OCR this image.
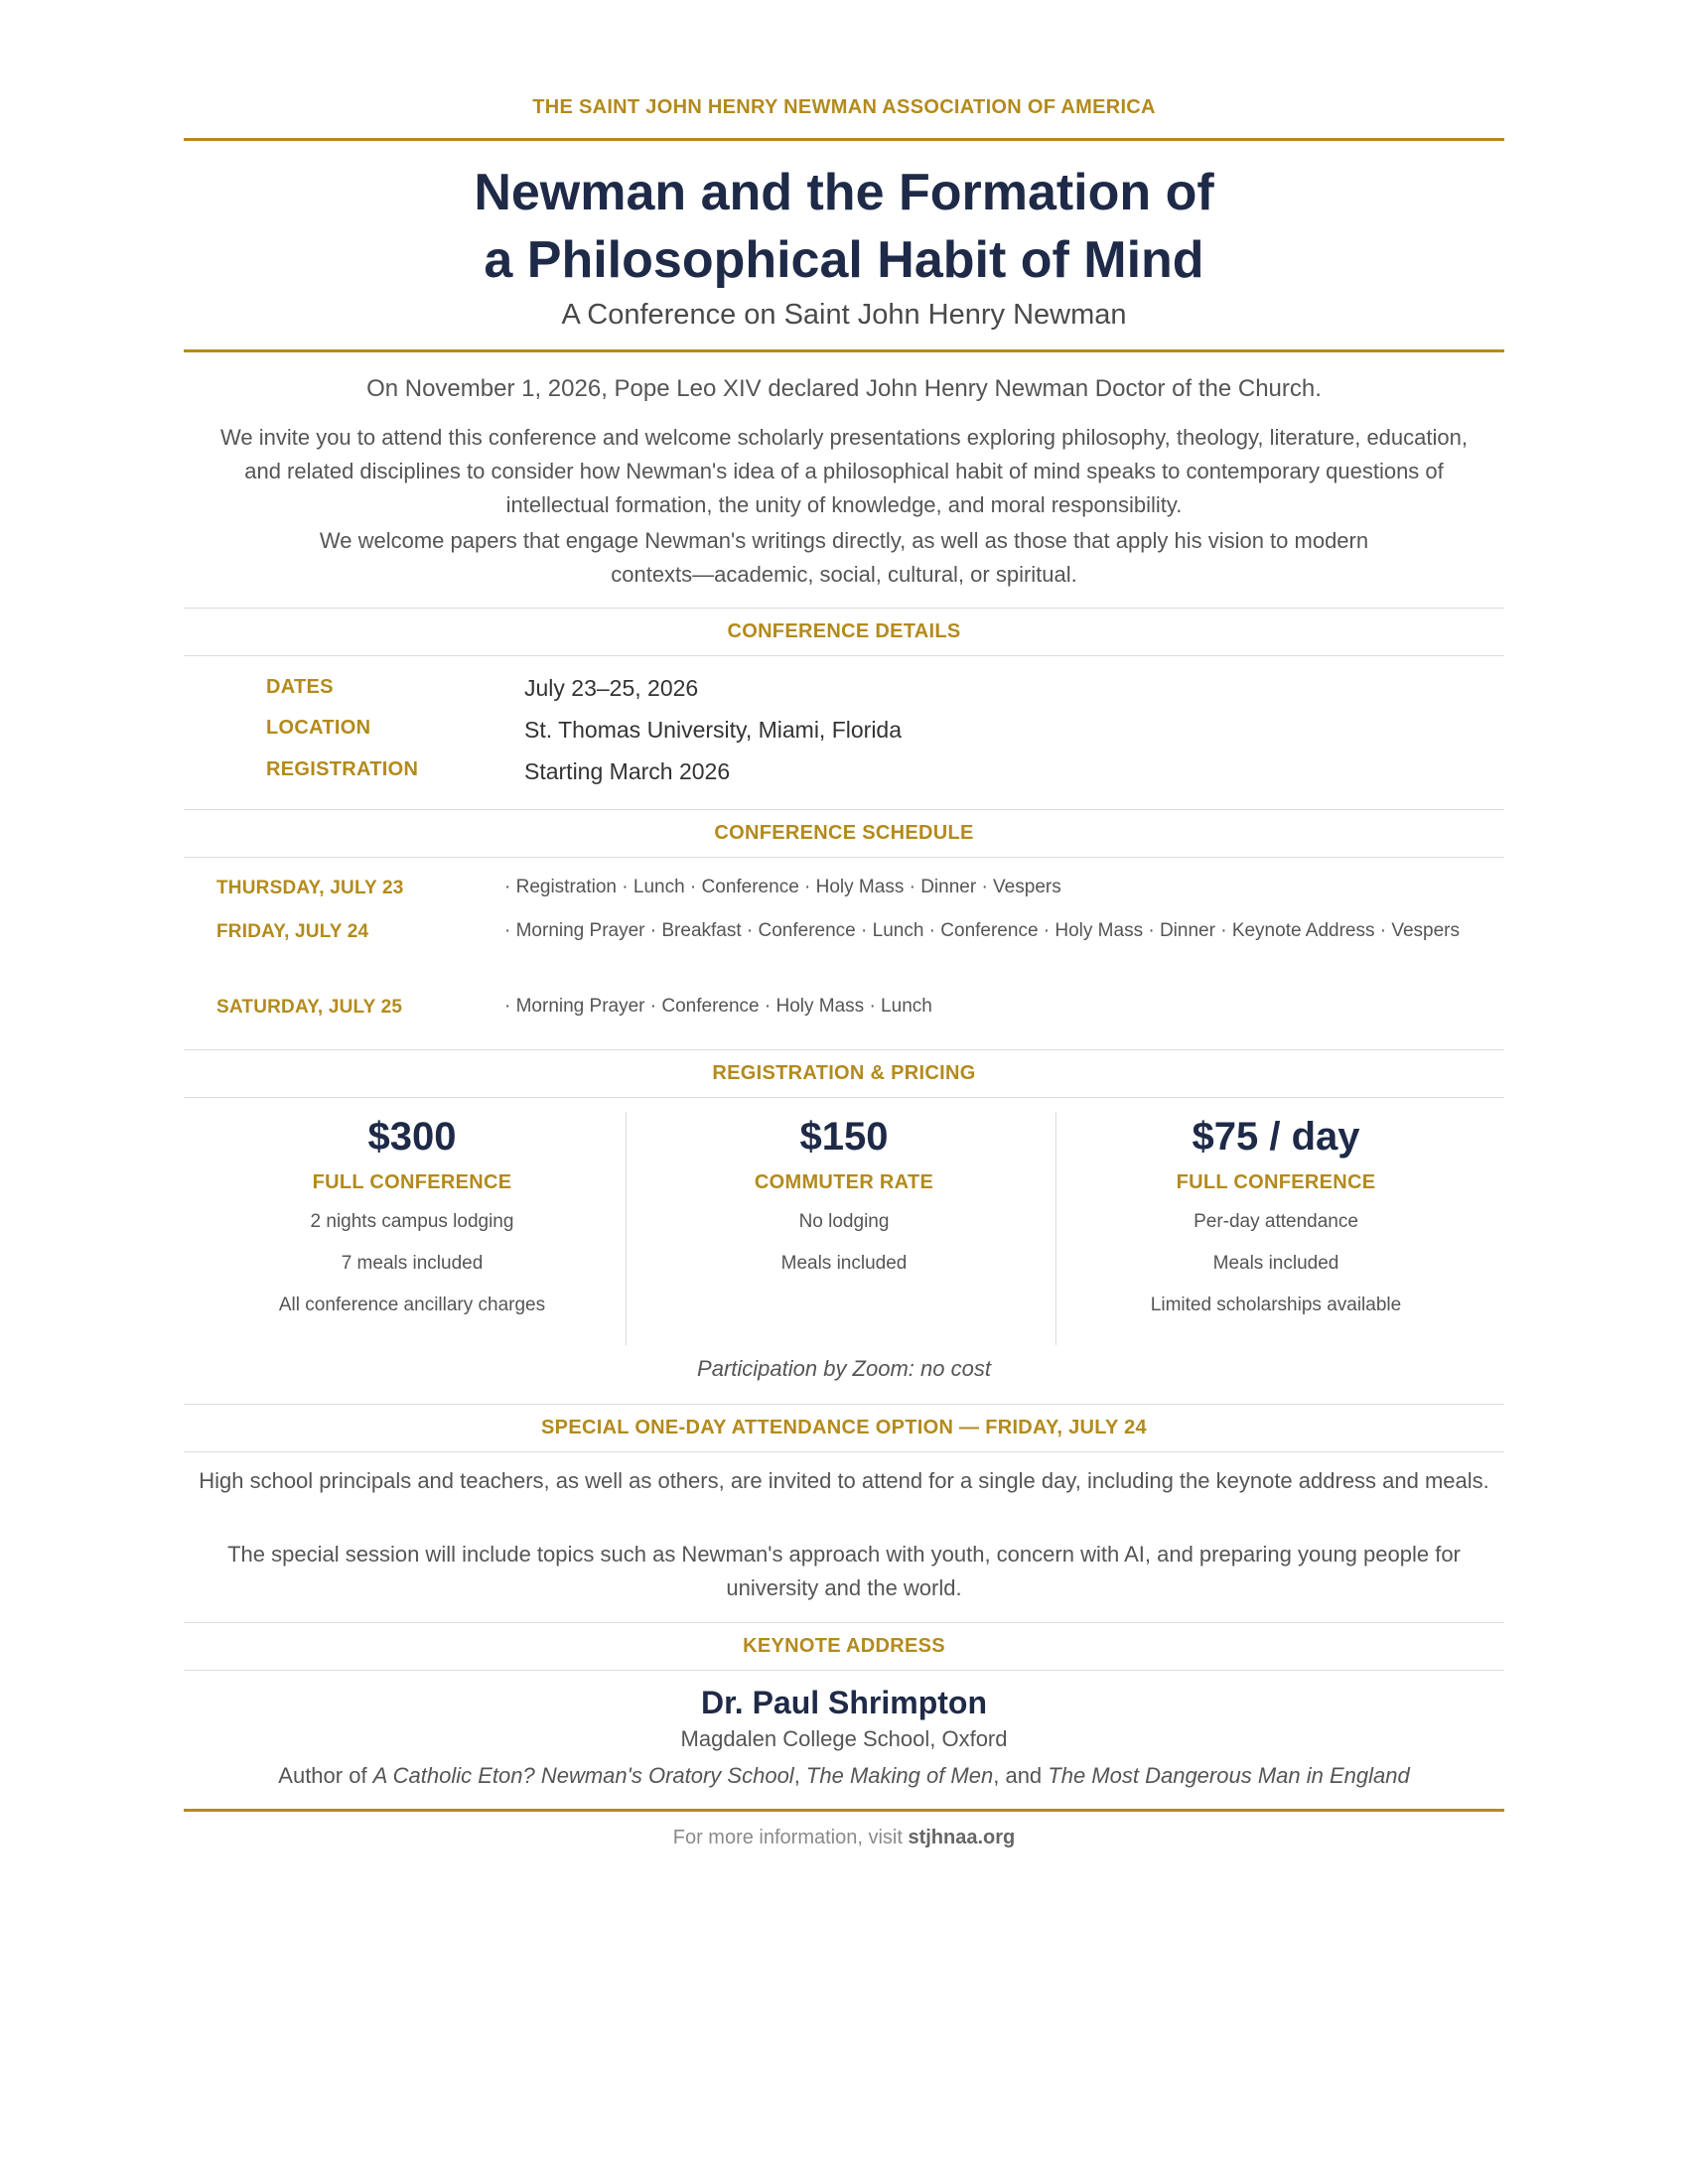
THE SAINT JOHN HENRY NEWMAN ASSOCIATION OF AMERICA
Newman and the Formation of
a Philosophical Habit of Mind
A Conference on Saint John Henry Newman
On November 1, 2026, Pope Leo XIV declared John Henry Newman Doctor of the Church.
We invite you to attend this conference and welcome scholarly presentations exploring philosophy, theology, literature, education, and related disciplines to consider how Newman's idea of a philosophical habit of mind speaks to contemporary questions of intellectual formation, the unity of knowledge, and moral responsibility.
We welcome papers that engage Newman's writings directly, as well as those that apply his vision to modern contexts—academic, social, cultural, or spiritual.
CONFERENCE DETAILS
DATES	July 23–25, 2026
LOCATION	St. Thomas University, Miami, Florida
REGISTRATION	Starting March 2026
CONFERENCE SCHEDULE
THURSDAY, JULY 23	· Registration · Lunch · Conference · Holy Mass · Dinner · Vespers
FRIDAY, JULY 24	· Morning Prayer · Breakfast · Conference · Lunch · Conference · Holy Mass · Dinner · Keynote Address · Vespers
SATURDAY, JULY 25	· Morning Prayer · Conference · Holy Mass · Lunch
REGISTRATION & PRICING
$300
FULL CONFERENCE
2 nights campus lodging
7 meals included
All conference ancillary charges
$150
COMMUTER RATE
No lodging
Meals included
$75 / day
FULL CONFERENCE
Per-day attendance
Meals included
Limited scholarships available
Participation by Zoom: no cost
SPECIAL ONE-DAY ATTENDANCE OPTION — FRIDAY, JULY 24
High school principals and teachers, as well as others, are invited to attend for a single day, including the keynote address and meals.
The special session will include topics such as Newman's approach with youth, concern with AI, and preparing young people for university and the world.
KEYNOTE ADDRESS
Dr. Paul Shrimpton
Magdalen College School, Oxford
Author of A Catholic Eton? Newman's Oratory School, The Making of Men, and The Most Dangerous Man in England
For more information, visit stjhnaa.org
